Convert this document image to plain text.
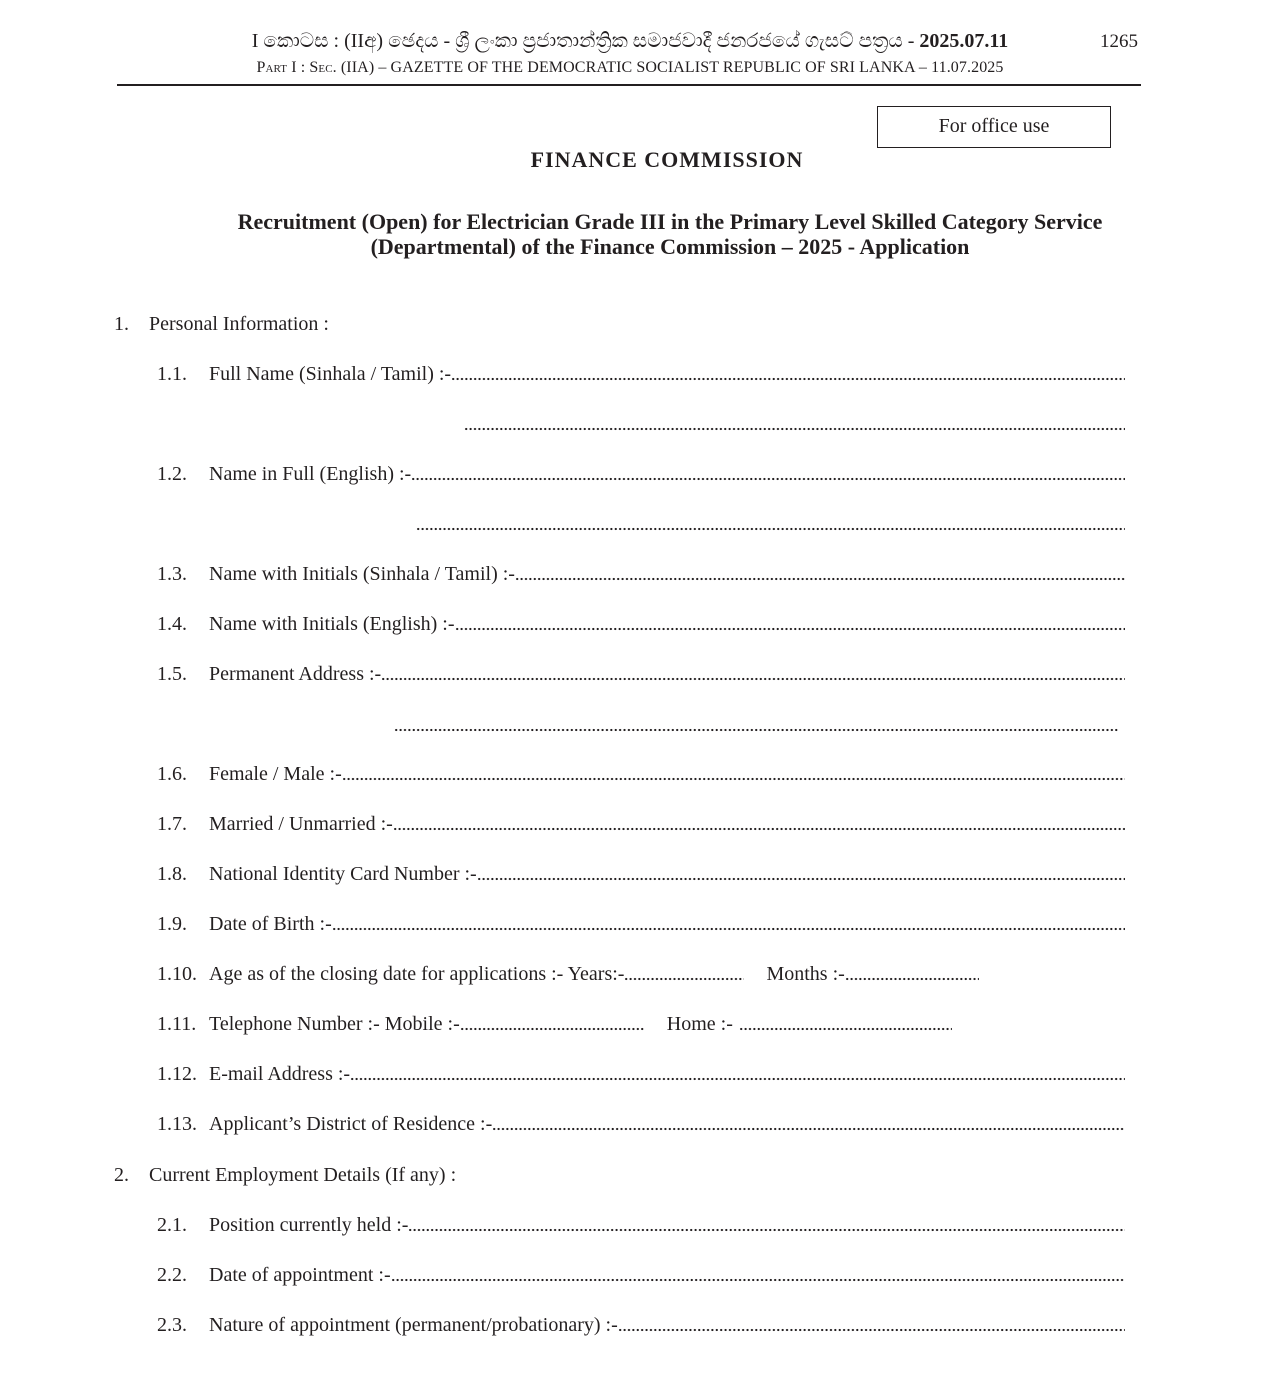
I කොටස : (IIඅ) ඡෙදය - ශ්‍රී ලංකා ප්‍රජාතාන්ත්‍රික සමාජවාදී ජනරජයේ ගැසට් පත්‍රය - 2025.07.11
Part I : Sec. (IIA) – GAZETTE OF THE DEMOCRATIC SOCIALIST REPUBLIC OF SRI LANKA – 11.07.2025
1265
For office use
FINANCE COMMISSION
Recruitment (Open) for Electrician Grade III in the Primary Level Skilled Category Service
(Departmental) of the Finance Commission – 2025 - Application
1. Personal Information :
1.1.	Full Name (Sinhala / Tamil) :-
1.2.	Name in Full (English) :-
1.3.	Name with Initials (Sinhala / Tamil) :-
1.4.	Name with Initials (English) :-
1.5.	Permanent Address :-
1.6.	Female / Male :-
1.7.	Married / Unmarried :-
1.8.	National Identity Card Number :-
1.9.	Date of Birth :-
1.10. Age as of the closing date for applications :- Years:-	Months :-
1.11. Telephone Number :- Mobile :-	Home :-
1.12. E-mail Address :-
1.13. Applicant’s District of Residence :-
2. Current Employment Details (If any) :
2.1.	Position currently held :-
2.2.	Date of appointment :-
2.3.	Nature of appointment (permanent/probationary) :-
